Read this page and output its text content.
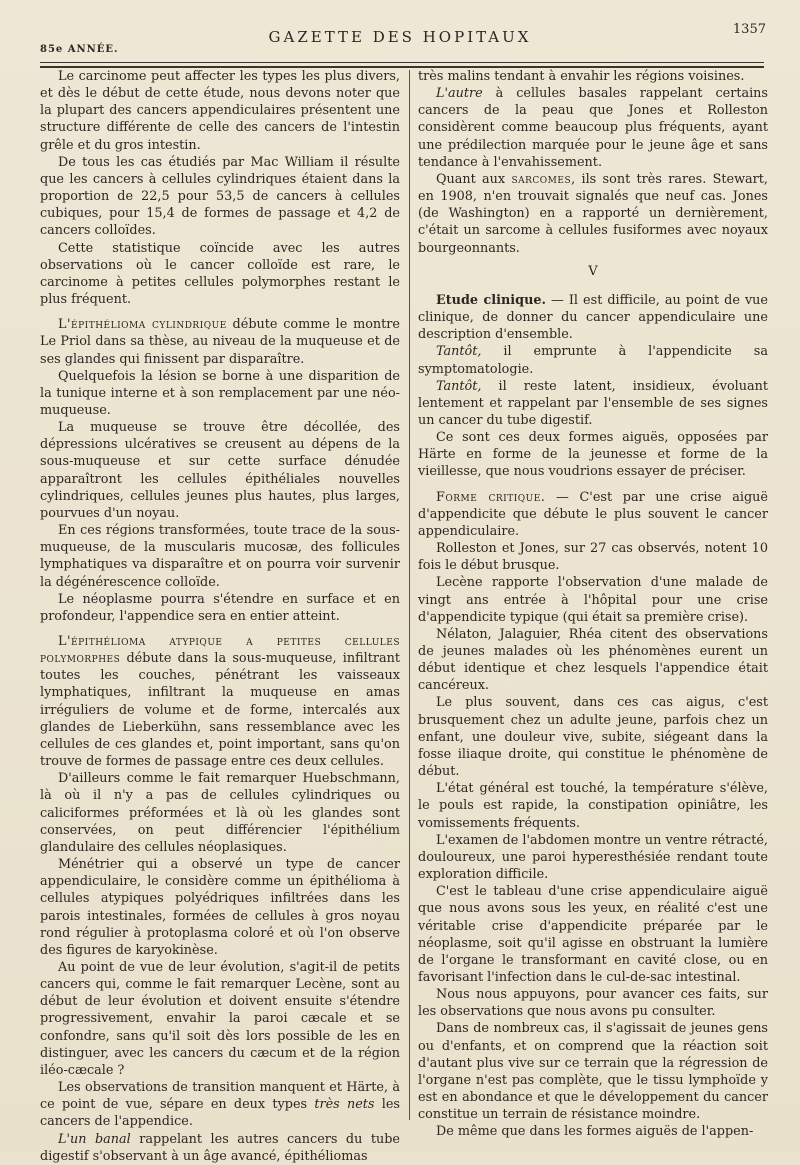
85e ANNÉE.
GAZETTE DES HOPITAUX	1357

Le carcinome peut affecter les types les plus divers, et dès le début de cette étude, nous devons noter que la plupart des cancers appendiculaires présentent une structure différente de celle des cancers de l'intestin grêle et du gros intestin.

De tous les cas étudiés par Mac William il résulte que les cancers à cellules cylindriques étaient dans la proportion de 22,5 pour 53,5 de cancers à cellules cubiques, pour 15,4 de formes de passage et 4,2 de cancers colloïdes.

Cette statistique coïncide avec les autres observations où le cancer colloïde est rare, le carcinome à petites cellules polymorphes restant le plus fréquent.

L'épithélioma cylindrique débute comme le montre Le Priol dans sa thèse, au niveau de la muqueuse et de ses glandes qui finissent par disparaître.

Quelquefois la lésion se borne à une disparition de la tunique interne et à son remplacement par une néo-muqueuse.

La muqueuse se trouve être décollée, des dépressions ulcératives se creusent au dépens de la sous-muqueuse et sur cette surface dénudée apparaîtront les cellules épithéliales nouvelles cylindriques, cellules jeunes plus hautes, plus larges, pourvues d'un noyau.

En ces régions transformées, toute trace de la sous-muqueuse, de la muscularis mucosæ, des follicules lymphatiques va disparaître et on pourra voir survenir la dégénérescence colloïde.

Le néoplasme pourra s'étendre en surface et en profondeur, l'appendice sera en entier atteint.

L'épithélioma atypique a petites cellules polymorphes débute dans la sous-muqueuse, infiltrant toutes les couches, pénétrant les vaisseaux lymphatiques, infiltrant la muqueuse en amas irréguliers de volume et de forme, intercalés aux glandes de Lieberkühn, sans ressemblance avec les cellules de ces glandes et, point important, sans qu'on trouve de formes de passage entre ces deux cellules.

D'ailleurs comme le fait remarquer Huebschmann, là où il n'y a pas de cellules cylindriques ou caliciformes préformées et là où les glandes sont conservées, on peut différencier l'épithélium glandulaire des cellules néoplasiques.

Ménétrier qui a observé un type de cancer appendiculaire, le considère comme un épithélioma à cellules atypiques polyédriques infiltrées dans les parois intestinales, formées de cellules à gros noyau rond régulier à protoplasma coloré et où l'on observe des figures de karyokinèse.

Au point de vue de leur évolution, s'agit-il de petits cancers qui, comme le fait remarquer Lecène, sont au début de leur évolution et doivent ensuite s'étendre progressivement, envahir la paroi cæcale et se confondre, sans qu'il soit dès lors possible de les en distinguer, avec les cancers du cæcum et de la région iléo-cæcale ?

Les observations de transition manquent et Härte, à ce point de vue, sépare en deux types très nets les cancers de l'appendice.

L'un banal rappelant les autres cancers du tube digestif s'observant à un âge avancé, épithéliomas

très malins tendant à envahir les régions voisines.

L'autre à cellules basales rappelant certains cancers de la peau que Jones et Rolleston considèrent comme beaucoup plus fréquents, ayant une prédilection marquée pour le jeune âge et sans tendance à l'envahissement.

Quant aux sarcomes, ils sont très rares. Stewart, en 1908, n'en trouvait signalés que neuf cas. Jones (de Washington) en a rapporté un dernièrement, c'était un sarcome à cellules fusiformes avec noyaux bourgeonnants.

V

Etude clinique. — Il est difficile, au point de vue clinique, de donner du cancer appendiculaire une description d'ensemble.

Tantôt, il emprunte à l'appendicite sa symptomatologie.

Tantôt, il reste latent, insidieux, évoluant lentement et rappelant par l'ensemble de ses signes un cancer du tube digestif.

Ce sont ces deux formes aiguës, opposées par Härte en forme de la jeunesse et forme de la vieillesse, que nous voudrions essayer de préciser.

Forme critique. — C'est par une crise aiguë d'appendicite que débute le plus souvent le cancer appendiculaire.

Rolleston et Jones, sur 27 cas observés, notent 10 fois le début brusque.

Lecène rapporte l'observation d'une malade de vingt ans entrée à l'hôpital pour une crise d'appendicite typique (qui était sa première crise).

Nélaton, Jalaguier, Rhéa citent des observations de jeunes malades où les phénomènes eurent un début identique et chez lesquels l'appendice était cancéreux.

Le plus souvent, dans ces cas aigus, c'est brusquement chez un adulte jeune, parfois chez un enfant, une douleur vive, subite, siégeant dans la fosse iliaque droite, qui constitue le phénomène de début.

L'état général est touché, la température s'élève, le pouls est rapide, la constipation opiniâtre, les vomissements fréquents.

L'examen de l'abdomen montre un ventre rétracté, douloureux, une paroi hyperesthésiée rendant toute exploration difficile.

C'est le tableau d'une crise appendiculaire aiguë que nous avons sous les yeux, en réalité c'est une véritable crise d'appendicite préparée par le néoplasme, soit qu'il agisse en obstruant la lumière de l'organe le transformant en cavité close, ou en favorisant l'infection dans le cul-de-sac intestinal.

Nous nous appuyons, pour avancer ces faits, sur les observations que nous avons pu consulter.

Dans de nombreux cas, il s'agissait de jeunes gens ou d'enfants, et on comprend que la réaction soit d'autant plus vive sur ce terrain que la régression de l'organe n'est pas complète, que le tissu lymphoïde y est en abondance et que le développement du cancer constitue un terrain de résistance moindre.

De même que dans les formes aiguës de l'appen-
